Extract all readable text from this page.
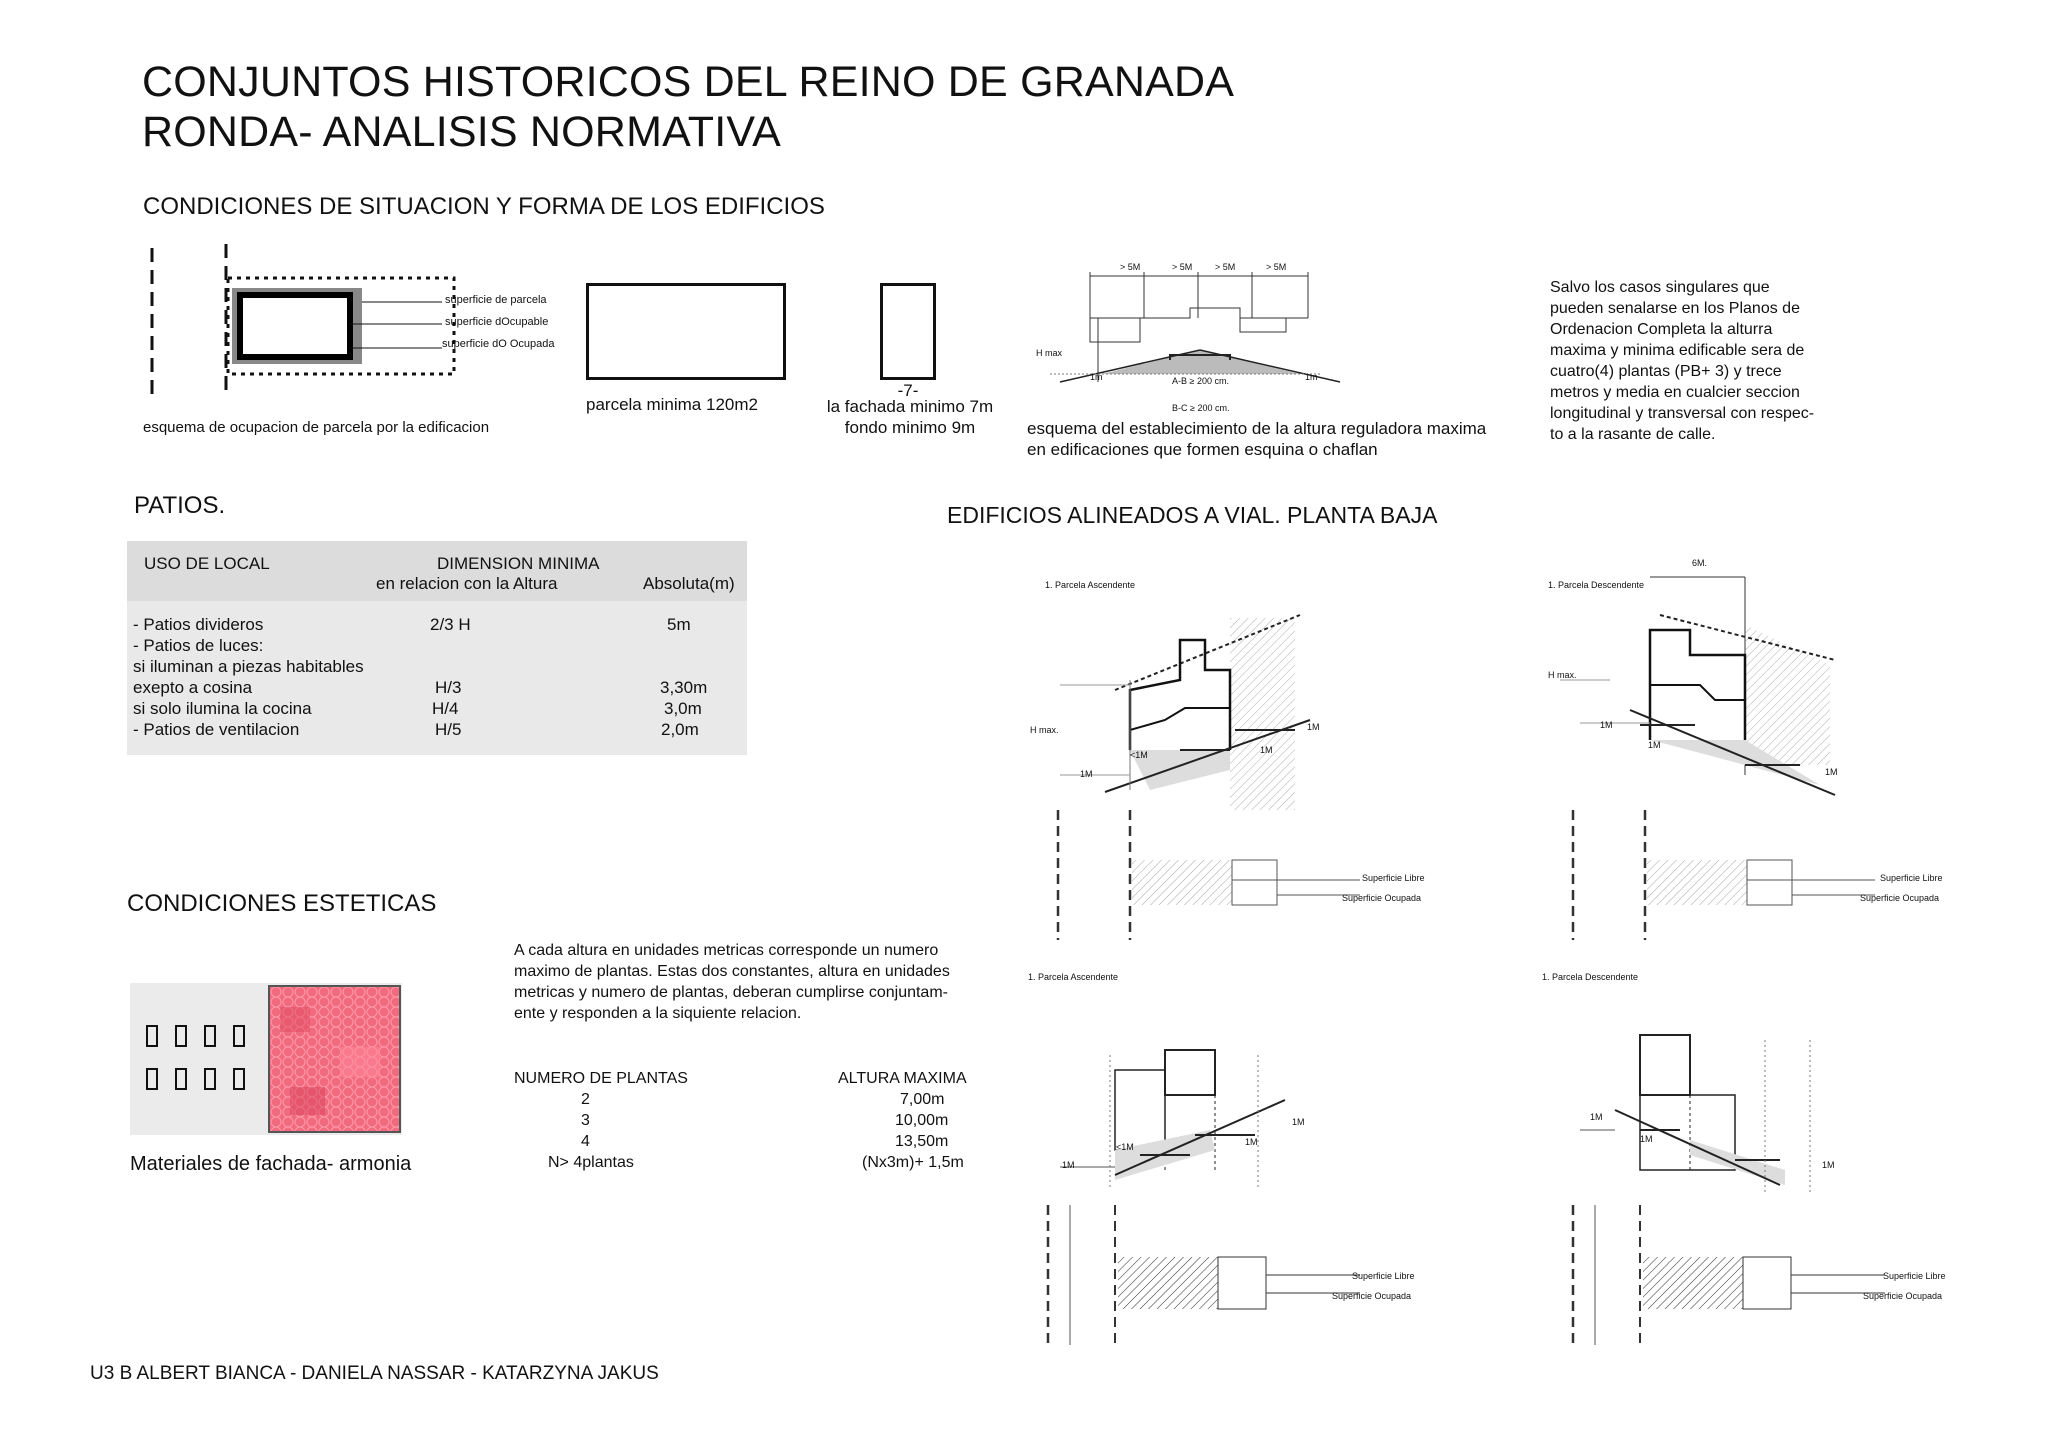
CONJUNTOS HISTORICOS DEL REINO DE GRANADA
RONDA- ANALISIS NORMATIVA
CONDICIONES DE SITUACION Y FORMA DE LOS EDIFICIOS
superficie de parcela
superficie dOcupable
superficie dO Ocupada
esquema de ocupacion de parcela por la edificacion
parcela minima 120m2
-7-
la fachada minimo 7m
fondo minimo 9m
> 5M	> 5M	> 5M	> 5M
H max
1m	1m
A-B ≥ 200 cm.
B-C ≥ 200 cm.
esquema del establecimiento de la altura reguladora maxima
en edificaciones que formen esquina o chaflan
Salvo los casos singulares que
pueden senalarse en los Planos de
Ordenacion Completa la alturra
maxima y minima edificable sera de
cuatro(4) plantas (PB+ 3) y trece
metros y media en cualcier seccion
longitudinal y transversal con respec-
to a la rasante de calle.
PATIOS.
USO DE LOCAL	DIMENSION MINIMA
en relacion con la Altura	Absoluta(m)
- Patios divideros	2/3 H	5m
- Patios de luces:
si iluminan a piezas habitables
exepto a cosina	H/3	3,30m
si solo ilumina la cocina	H/4	3,0m
- Patios de ventilacion	H/5	2,0m
CONDICIONES ESTETICAS
Materiales de fachada- armonia
A cada altura en unidades metricas corresponde un numero
maximo de plantas. Estas dos constantes, altura en unidades
metricas y numero de plantas, deberan cumplirse conjuntam-
ente y responden a la siquiente relacion.
NUMERO DE PLANTAS	ALTURA MAXIMA
2	7,00m
3	10,00m
4	13,50m
N> 4plantas	(Nx3m)+ 1,5m
EDIFICIOS ALINEADOS A VIAL. PLANTA BAJA
1. Parcela Ascendente
H max.
1M
<1M	1M
1M
1. Parcela Descendente
6M.
H max.
1M
1M
1M
Superficie Libre
Superficie Ocupada
Superficie Libre
Superficie Ocupada
1. Parcela Ascendente
1M
<1M	1M
1M
1. Parcela Descendente
1M
1M
1M
Superficie Libre
Superficie Ocupada
Superficie Libre
Superficie Ocupada
U3 B ALBERT BIANCA - DANIELA NASSAR - KATARZYNA JAKUS
